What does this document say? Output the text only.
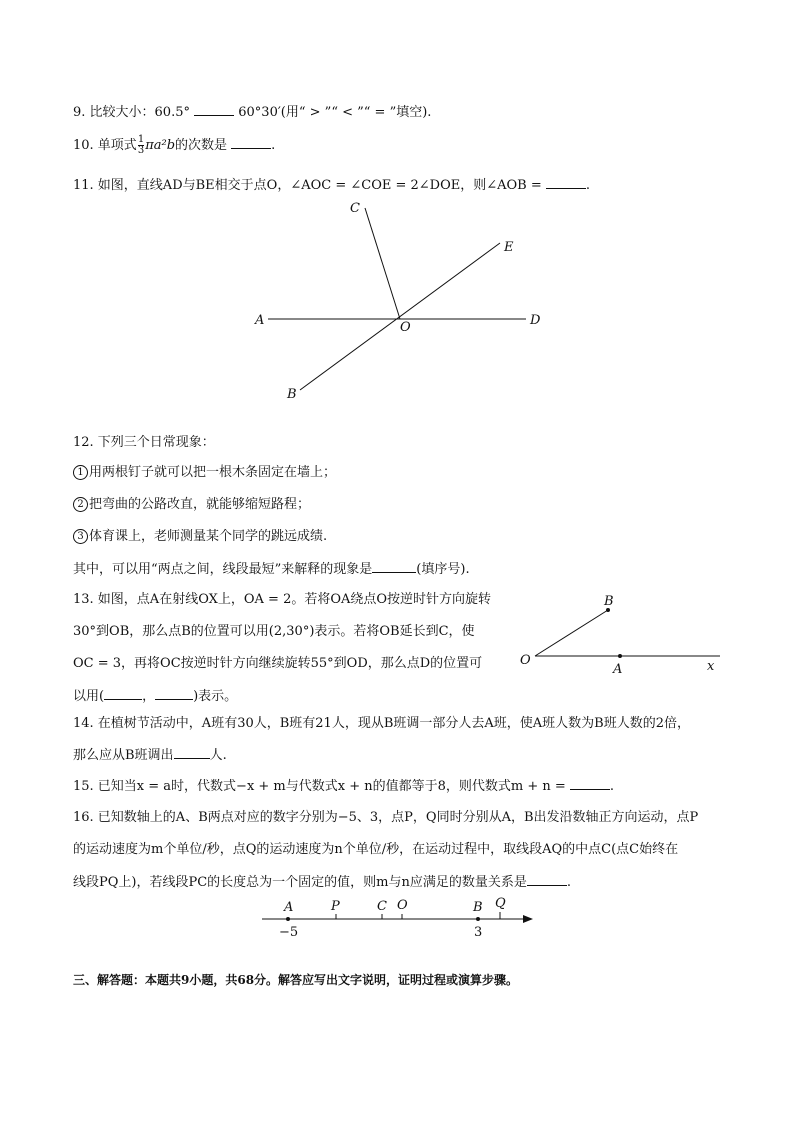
9. 比较大小：60.5°	60°30′(用“ > ”“ < ”“ = ”填空).
10. 单项式 $\frac{1}{3} \pi a^2b$的次数是	.
11. 如图，直线AD与BE相交于点O，∠AOC = ∠COE = 2∠DOE，则∠AOB =	.
A	D
O
C
E
B
12. 下列三个日常现象：
1 用两根钉子就可以把一根木条固定在墙上；
2 把弯曲的公路改直，就能够缩短路程；
3 体育课上，老师测量某个同学的跳远成绩.
其中，可以用“两点之间，线段最短”来解释的现象是	(填序号).
13. 如图，点A在射线OX上，OA = 2。若将OA绕点O按逆时针方向旋转
30°到OB，那么点B的位置可以用(2,30°)表示。若将OB延长到C，使
OC = 3，再将OC按逆时针方向继续旋转55°到OD，那么点D的位置可
以用(	，	)表示。
O
A
B
x
14. 在植树节活动中，A班有30人，B班有21人，现从B班调一部分人去A班，使A班人数为B班人数的2倍，
那么应从B班调出	人.
15. 已知当x = a时，代数式−x + m与代数式x + n的值都等于8，则代数式m + n =	.
16. 已知数轴上的A、B两点对应的数字分别为−5、3，点P，Q同时分别从A，B出发沿数轴正方向运动，点P
的运动速度为m个单位/秒，点Q的运动速度为n个单位/秒，在运动过程中，取线段AQ的中点C(点C始终在
线段PQ上)，若线段PC的长度总为一个固定的值，则m与n应满足的数量关系是	.
A	P	C O	B Q
−5	3
三、解答题：本题共9小题，共68分。解答应写出文字说明，证明过程或演算步骤。
